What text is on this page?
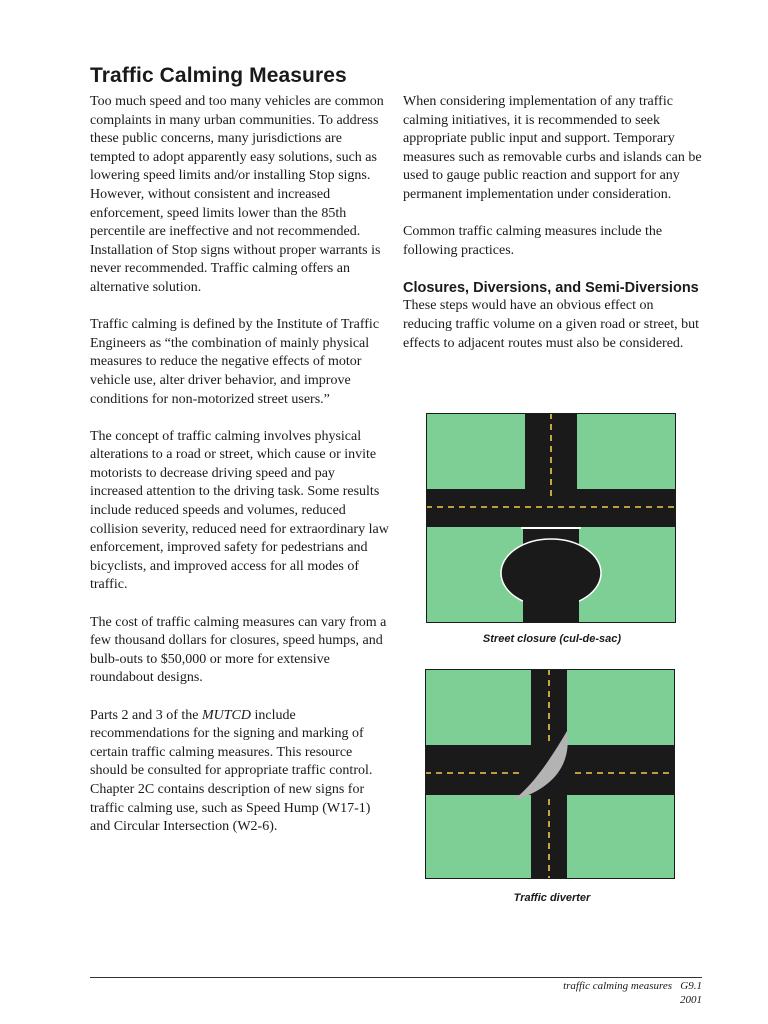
Traffic Calming Measures

Too much speed and too many vehicles are common complaints in many urban communities. To address these public concerns, many jurisdictions are tempted to adopt apparently easy solutions, such as lowering speed limits and/or installing Stop signs. However, without consistent and increased enforcement, speed limits lower than the 85th percentile are ineffective and not recommended. Installation of Stop signs without proper warrants is never recommended. Traffic calming offers an alternative solution.

Traffic calming is defined by the Institute of Traffic Engineers as “the combination of mainly physical measures to reduce the negative effects of motor vehicle use, alter driver behavior, and improve conditions for non-motorized street users.”

The concept of traffic calming involves physical alterations to a road or street, which cause or invite motorists to decrease driving speed and pay increased attention to the driving task. Some results include reduced speeds and volumes, reduced collision severity, reduced need for extraordinary law enforcement, improved safety for pedestrians and bicyclists, and improved access for all modes of traffic.

The cost of traffic calming measures can vary from a few thousand dollars for closures, speed humps, and bulb-outs to $50,000 or more for extensive roundabout designs.

Parts 2 and 3 of the MUTCD include recommendations for the signing and marking of certain traffic calming measures. This resource should be consulted for appropriate traffic control. Chapter 2C contains description of new signs for traffic calming use, such as Speed Hump (W17-1) and Circular Intersection (W2-6).

When considering implementation of any traffic calming initiatives, it is recommended to seek appropriate public input and support. Temporary measures such as removable curbs and islands can be used to gauge public reaction and support for any permanent implementation under consideration.

Common traffic calming measures include the following practices.

Closures, Diversions, and Semi-Diversions

These steps would have an obvious effect on reducing traffic volume on a given road or street, but effects to adjacent routes must also be considered.

Street closure (cul-de-sac)
Traffic diverter
traffic calming measures   G9.1
2001
